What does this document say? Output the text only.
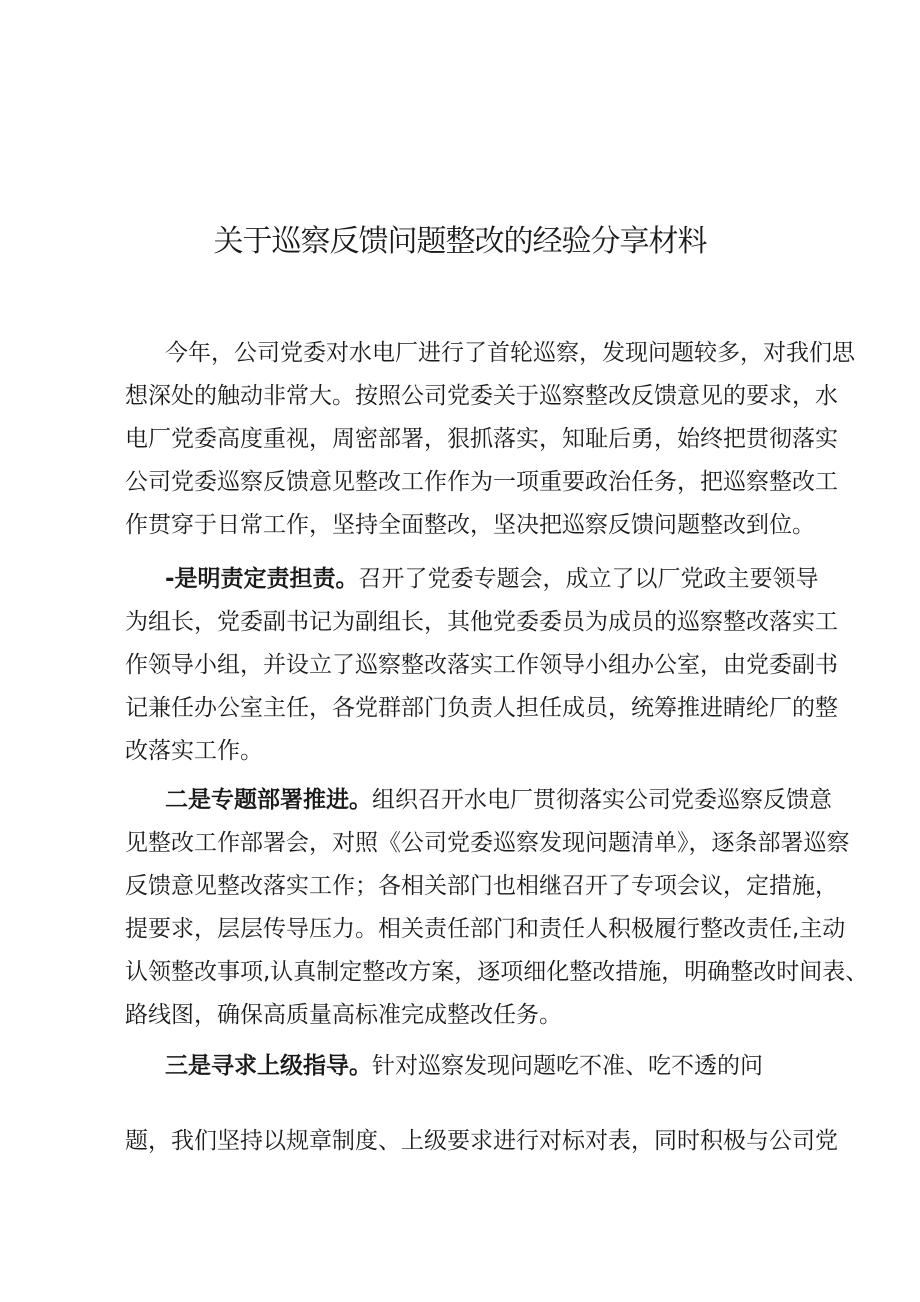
关于巡察反馈问题整改的经验分享材料
今年，公司党委对水电厂进行了首轮巡察，发现问题较多，对我们思
想深处的触动非常大。按照公司党委关于巡察整改反馈意见的要求，水
电厂党委高度重视，周密部署，狠抓落实，知耻后勇，始终把贯彻落实
公司党委巡察反馈意见整改工作作为一项重要政治任务，把巡察整改工
作贯穿于日常工作，坚持全面整改，坚决把巡察反馈问题整改到位。
-是明责定责担责。召开了党委专题会，成立了以厂党政主要领导
为组长，党委副书记为副组长，其他党委委员为成员的巡察整改落实工
作领导小组，并设立了巡察整改落实工作领导小组办公室，由党委副书
记兼任办公室主任，各党群部门负责人担任成员，统筹推进睛纶厂的整
改落实工作。
二是专题部署推进。组织召开水电厂贯彻落实公司党委巡察反馈意
见整改工作部署会，对照《公司党委巡察发现问题清单》，逐条部署巡察
反馈意见整改落实工作；各相关部门也相继召开了专项会议，定措施，
提要求，层层传导压力。相关责任部门和责任人积极履行整改责任,主动
认领整改事项,认真制定整改方案，逐项细化整改措施，明确整改时间表、
路线图，确保高质量高标准完成整改任务。
三是寻求上级指导。针对巡察发现问题吃不准、吃不透的问
题，我们坚持以规章制度、上级要求进行对标对表，同时积极与公司党
